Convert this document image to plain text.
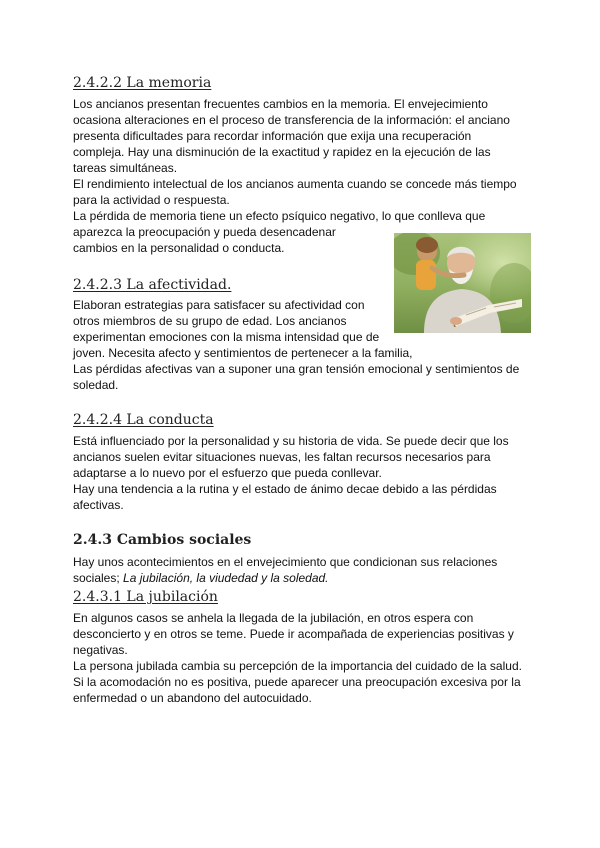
2.4.2.2 La memoria
Los ancianos presentan frecuentes cambios en la memoria. El envejecimiento
ocasiona alteraciones en el proceso de transferencia de la información: el anciano
presenta dificultades para recordar información que exija una recuperación
compleja. Hay una disminución de la exactitud y rapidez en la ejecución de las
tareas simultáneas.
El rendimiento intelectual de los ancianos aumenta cuando se concede más tiempo
para la actividad o respuesta.
La pérdida de memoria tiene un efecto psíquico negativo, lo que conlleva que
aparezca la preocupación y pueda desencadenar
cambios en la personalidad o conducta.
2.4.2.3 La afectividad.
Elaboran estrategias para satisfacer su afectividad con
otros miembros de su grupo de edad. Los ancianos
experimentan emociones con la misma intensidad que de
joven. Necesita afecto y sentimientos de pertenecer a la familia,
Las pérdidas afectivas van a suponer una gran tensión emocional y sentimientos de
soledad.
2.4.2.4 La conducta
Está influenciado por la personalidad y su historia de vida. Se puede decir que los
ancianos suelen evitar situaciones nuevas, les faltan recursos necesarios para
adaptarse a lo nuevo por el esfuerzo que pueda conllevar.
Hay una tendencia a la rutina y el estado de ánimo decae debido a las pérdidas
afectivas.
2.4.3 Cambios sociales
Hay unos acontecimientos en el envejecimiento que condicionan sus relaciones
sociales; La jubilación, la viudedad y la soledad.
2.4.3.1 La jubilación
En algunos casos se anhela la llegada de la jubilación, en otros espera con
desconcierto y en otros se teme. Puede ir acompañada de experiencias positivas y
negativas.
La persona jubilada cambia su percepción de la importancia del cuidado de la salud.
Si la acomodación no es positiva, puede aparecer una preocupación excesiva por la
enfermedad o un abandono del autocuidado.
